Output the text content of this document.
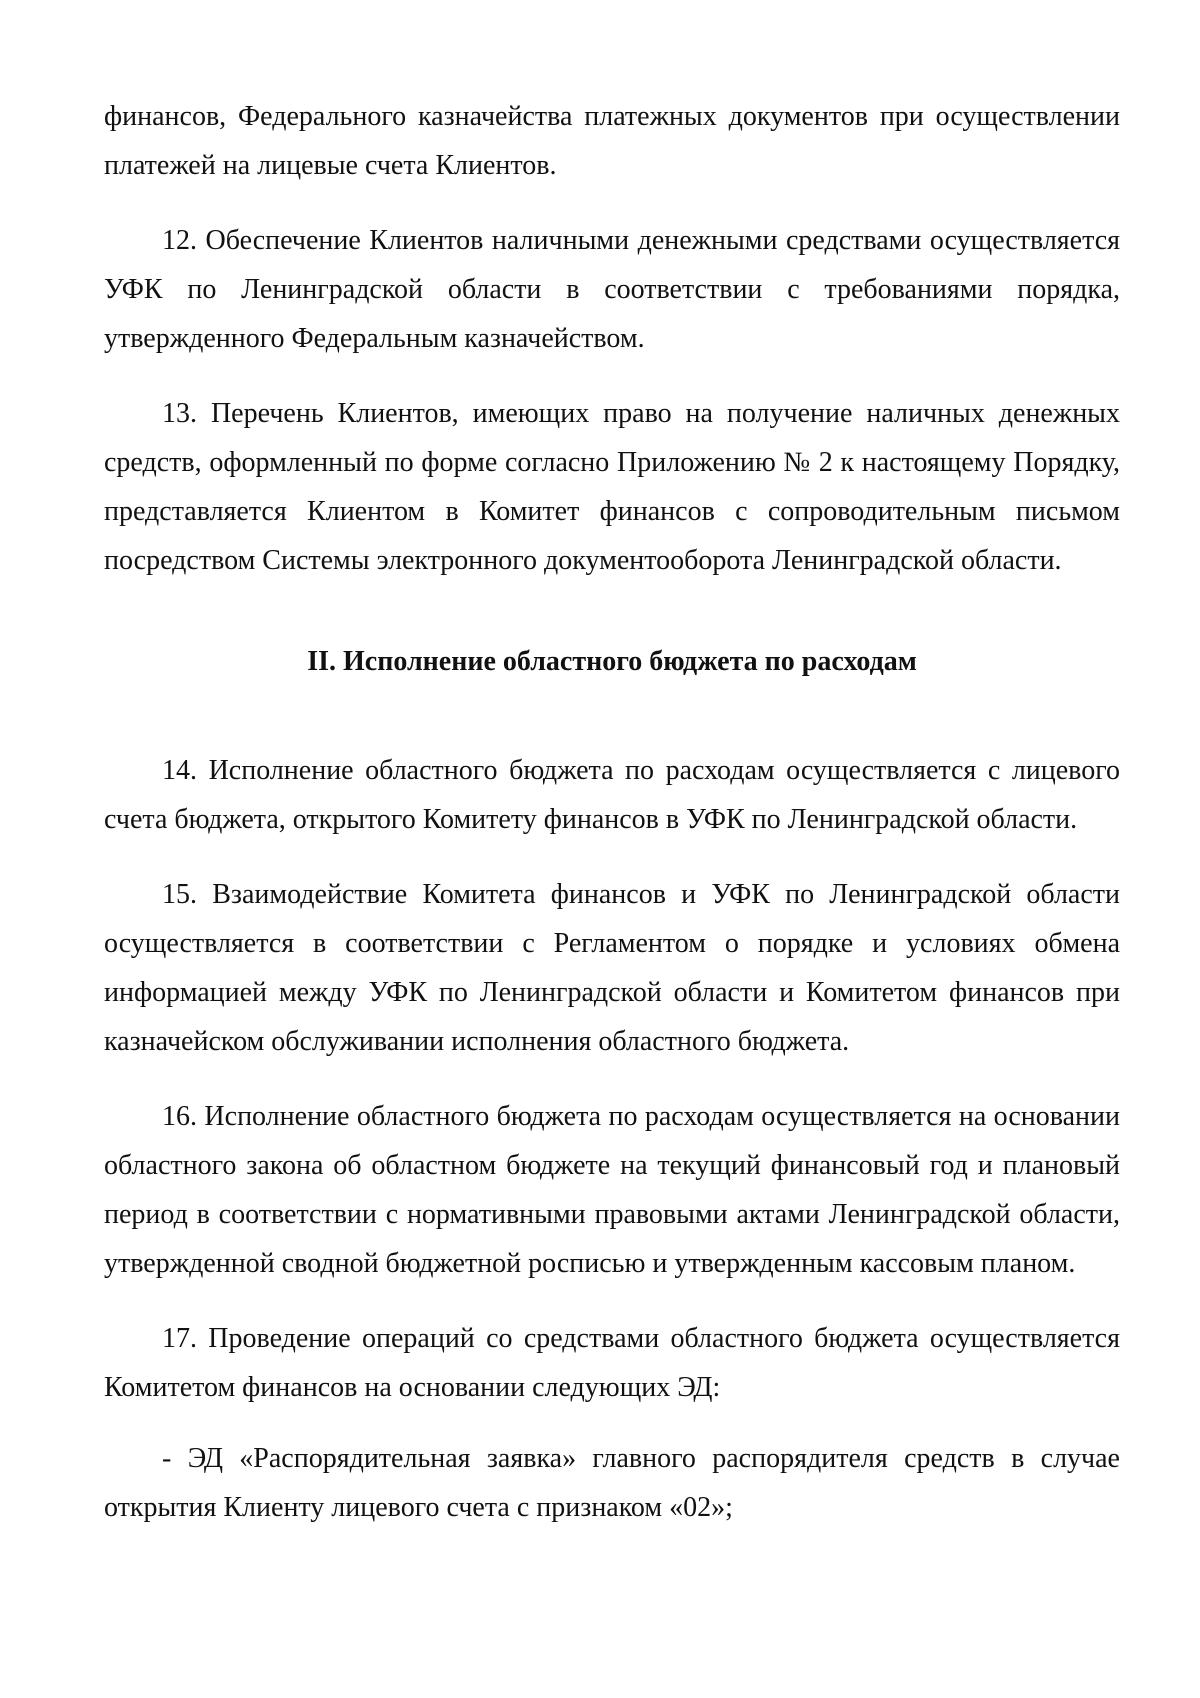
финансов, Федерального казначейства платежных документов при осуществлении платежей на лицевые счета Клиентов.

12. Обеспечение Клиентов наличными денежными средствами осуществляется УФК по Ленинградской области в соответствии с требованиями порядка, утвержденного Федеральным казначейством.

13. Перечень Клиентов, имеющих право на получение наличных денежных средств, оформленный по форме согласно Приложению № 2 к настоящему Порядку, представляется Клиентом в Комитет финансов с сопроводительным письмом посредством Системы электронного документооборота Ленинградской области.

II. Исполнение областного бюджета по расходам

14. Исполнение областного бюджета по расходам осуществляется с лицевого счета бюджета, открытого Комитету финансов в УФК по Ленинградской области.

15. Взаимодействие Комитета финансов и УФК по Ленинградской области осуществляется в соответствии с Регламентом о порядке и условиях обмена информацией между УФК по Ленинградской области и Комитетом финансов при казначейском обслуживании исполнения областного бюджета.

16. Исполнение областного бюджета по расходам осуществляется на основании областного закона об областном бюджете на текущий финансовый год и плановый период в соответствии с нормативными правовыми актами Ленинградской области, утвержденной сводной бюджетной росписью и утвержденным кассовым планом.

17. Проведение операций со средствами областного бюджета осуществляется Комитетом финансов на основании следующих ЭД:

- ЭД «Распорядительная заявка» главного распорядителя средств в случае открытия Клиенту лицевого счета с признаком «02»;
